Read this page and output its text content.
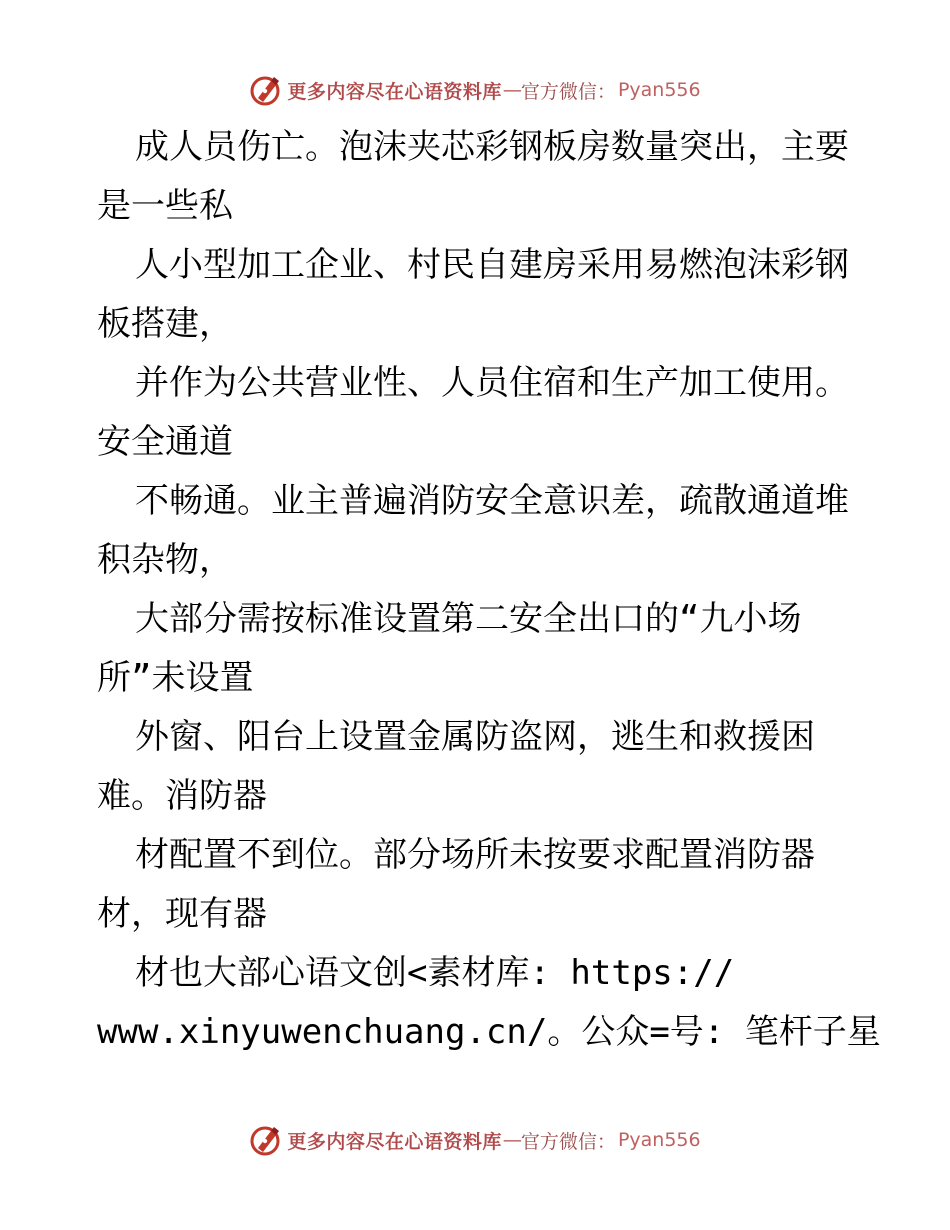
更多内容尽在心语资料库 — 官方微信： Pyan556
成人员伤亡。泡沫夹芯彩钢板房数量突出，主要
是一些私
人小型加工企业、村民自建房采用易燃泡沫彩钢
板搭建，
并作为公共营业性、人员住宿和生产加工使用。
安全通道
不畅通。业主普遍消防安全意识差，疏散通道堆
积杂物，
大部分需按标准设置第二安全出口的“九小场
所”未设置
外窗、阳台上设置金属防盗网，逃生和救援困
难。消防器
材配置不到位。部分场所未按要求配置消防器
材，现有器
材也大部心语文创<素材库: https://
www.xinyuwenchuang.cn/。公众=号: 笔杆子星
更多内容尽在心语资料库 — 官方微信： Pyan556
